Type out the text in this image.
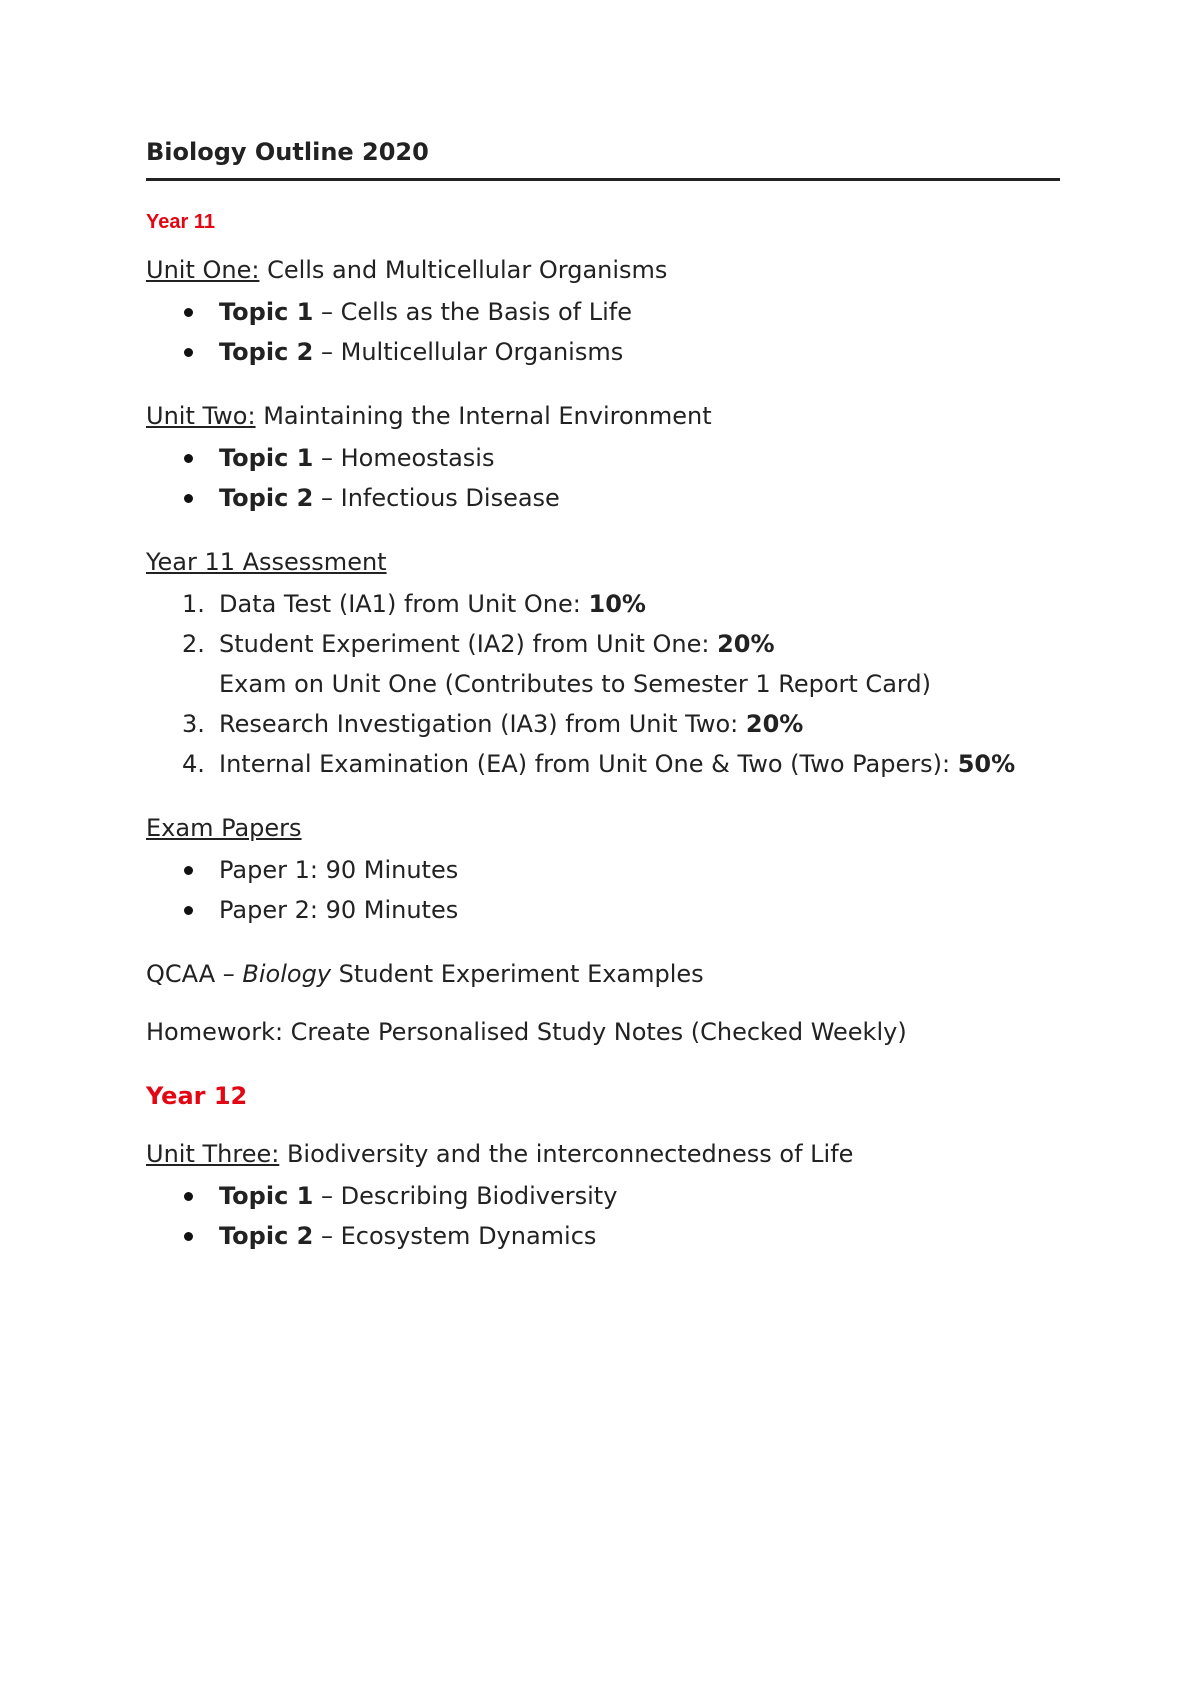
Biology Outline 2020

Year 11

Unit One: Cells and Multicellular Organisms

Topic 1 – Cells as the Basis of Life
Topic 2 – Multicellular Organisms

Unit Two: Maintaining the Internal Environment

Topic 1 – Homeostasis
Topic 2 – Infectious Disease

Year 11 Assessment

1. Data Test (IA1) from Unit One: 10%
2. Student Experiment (IA2) from Unit One: 20%
Exam on Unit One (Contributes to Semester 1 Report Card)
3. Research Investigation (IA3) from Unit Two: 20%
4. Internal Examination (EA) from Unit One & Two (Two Papers): 50%

Exam Papers

Paper 1: 90 Minutes
Paper 2: 90 Minutes

QCAA – Biology Student Experiment Examples

Homework: Create Personalised Study Notes (Checked Weekly)

Year 12

Unit Three: Biodiversity and the interconnectedness of Life

Topic 1 – Describing Biodiversity
Topic 2 – Ecosystem Dynamics
